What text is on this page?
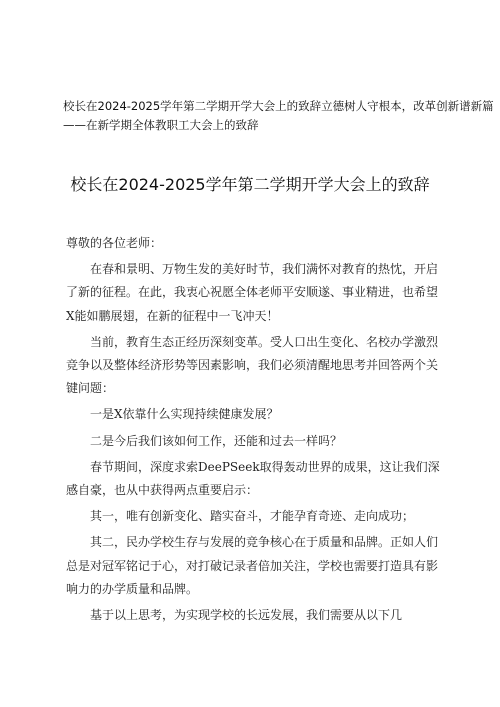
校长在2024-2025学年第二学期开学大会上的致辞立德树人守根本，改革创新谱新篇
——在新学期全体教职工大会上的致辞
校长在2024-2025学年第二学期开学大会上的致辞

尊敬的各位老师：

在春和景明、万物生发的美好时节，我们满怀对教育的热忱，开启了新的征程。在此，我衷心祝愿全体老师平安顺遂、事业精进，也希望X能如鹏展翅，在新的征程中一飞冲天！

当前，教育生态正经历深刻变革。受人口出生变化、名校办学激烈竞争以及整体经济形势等因素影响，我们必须清醒地思考并回答两个关键问题：

一是X依靠什么实现持续健康发展？

二是今后我们该如何工作，还能和过去一样吗？

春节期间，深度求索DeePSeek取得轰动世界的成果，这让我们深感自豪，也从中获得两点重要启示：

其一，唯有创新变化、踏实奋斗，才能孕育奇迹、走向成功；

其二，民办学校生存与发展的竞争核心在于质量和品牌。正如人们总是对冠军铭记于心，对打破记录者倍加关注，学校也需要打造具有影响力的办学质量和品牌。

基于以上思考，为实现学校的长远发展，我们需要从以下几
